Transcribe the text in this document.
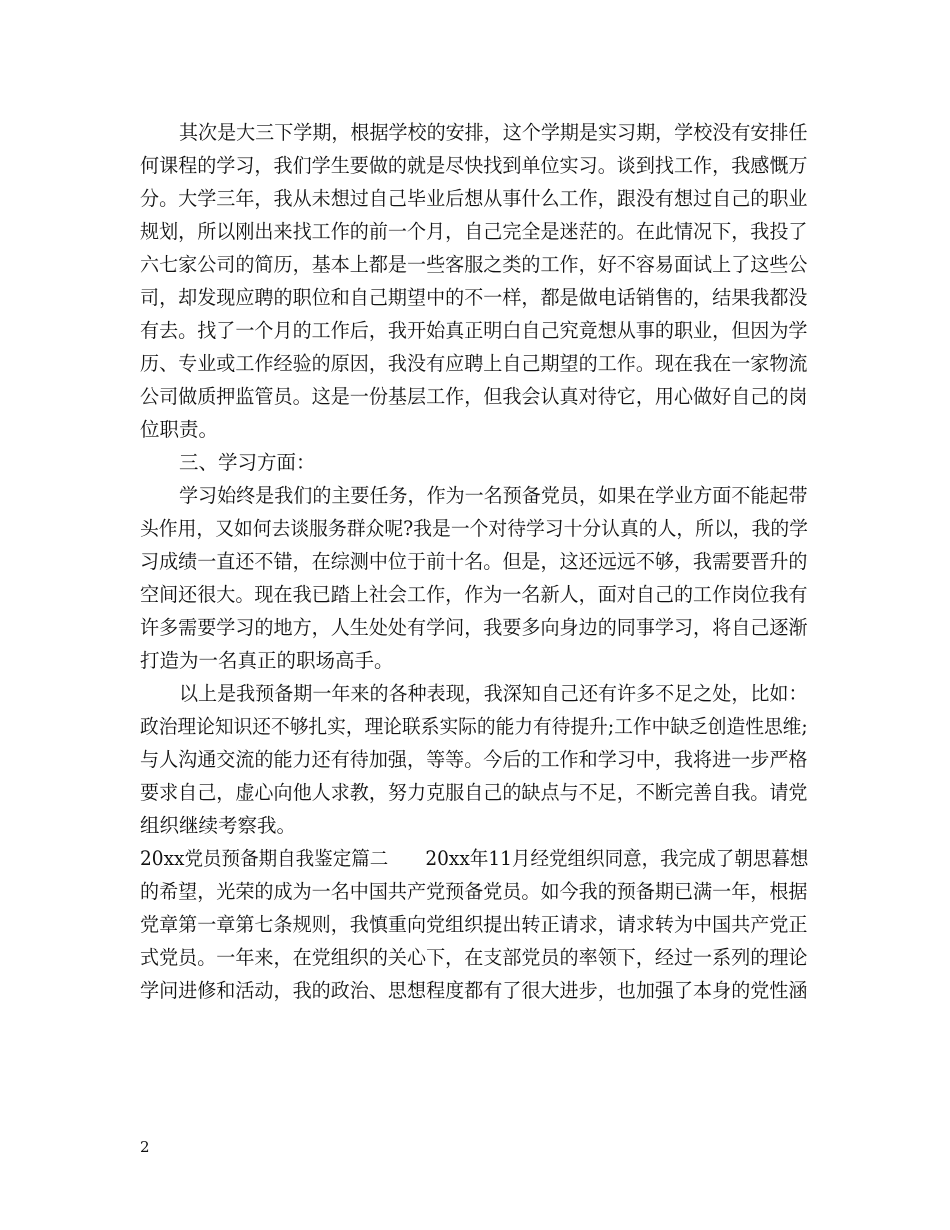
其次是大三下学期，根据学校的安排，这个学期是实习期，学校没有安排任
何课程的学习，我们学生要做的就是尽快找到单位实习。谈到找工作，我感慨万
分。大学三年，我从未想过自己毕业后想从事什么工作，跟没有想过自己的职业
规划，所以刚出来找工作的前一个月，自己完全是迷茫的。在此情况下，我投了
六七家公司的简历，基本上都是一些客服之类的工作，好不容易面试上了这些公
司，却发现应聘的职位和自己期望中的不一样，都是做电话销售的，结果我都没
有去。找了一个月的工作后，我开始真正明白自己究竟想从事的职业，但因为学
历、专业或工作经验的原因，我没有应聘上自己期望的工作。现在我在一家物流
公司做质押监管员。这是一份基层工作，但我会认真对待它，用心做好自己的岗
位职责。
三、学习方面：
学习始终是我们的主要任务，作为一名预备党员，如果在学业方面不能起带
头作用，又如何去谈服务群众呢?我是一个对待学习十分认真的人，所以，我的学
习成绩一直还不错，在综测中位于前十名。但是，这还远远不够，我需要晋升的
空间还很大。现在我已踏上社会工作，作为一名新人，面对自己的工作岗位我有
许多需要学习的地方，人生处处有学问，我要多向身边的同事学习，将自己逐渐
打造为一名真正的职场高手。
以上是我预备期一年来的各种表现，我深知自己还有许多不足之处，比如：
政治理论知识还不够扎实，理论联系实际的能力有待提升;工作中缺乏创造性思维;
与人沟通交流的能力还有待加强，等等。今后的工作和学习中，我将进一步严格
要求自己，虚心向他人求教，努力克服自己的缺点与不足，不断完善自我。请党
组织继续考察我。
20xx党员预备期自我鉴定篇二　　20xx年11月经党组织同意，我完成了朝思暮想
的希望，光荣的成为一名中国共产党预备党员。如今我的预备期已满一年，根据
党章第一章第七条规则，我慎重向党组织提出转正请求，请求转为中国共产党正
式党员。一年来，在党组织的关心下，在支部党员的率领下，经过一系列的理论
学问进修和活动，我的政治、思想程度都有了很大进步，也加强了本身的党性涵
2
